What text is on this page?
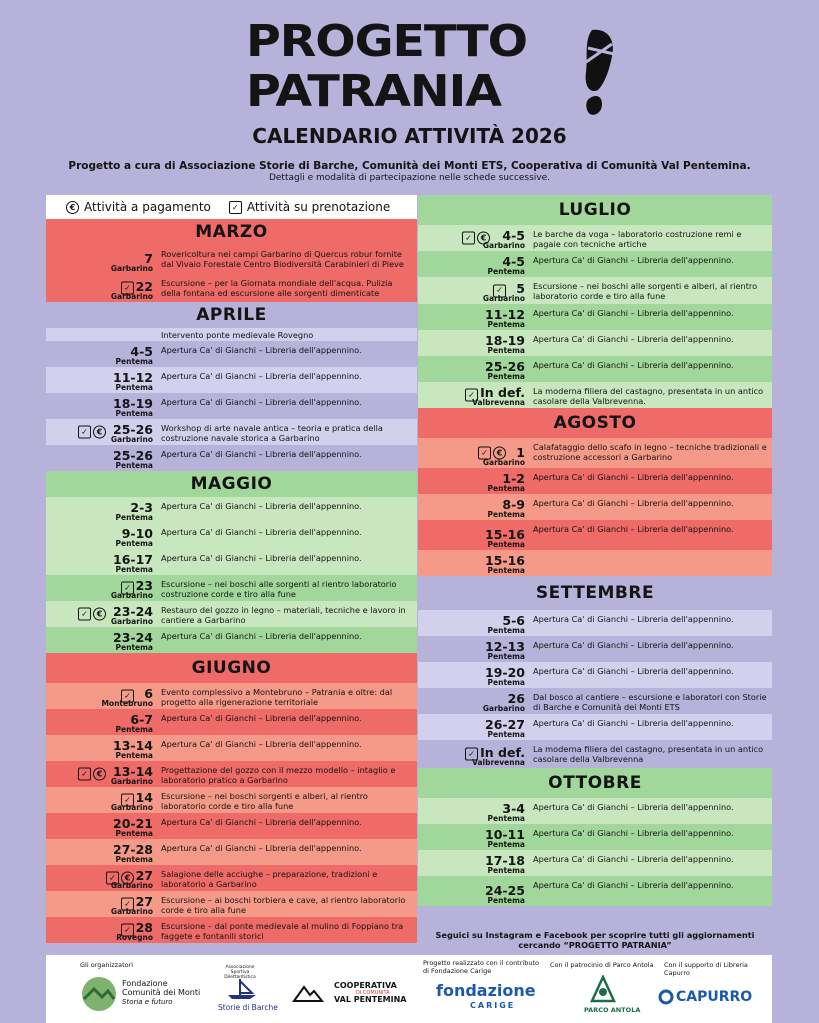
PROGETTO
PATRANIA
CALENDARIO ATTIVITÀ 2026
Progetto a cura di Associazione Storie di Barche, Comunità dei Monti ETS, Cooperativa di Comunità Val Pentemina.
Dettagli e modalità di partecipazione nelle schede successive.
€ Attività a pagamento	✓ Attività su prenotazione
MARZO
7
Garbarino
Rovericoltura nei campi Garbarino di Quercus robur fornite dal Vivaio Forestale Centro Biodiversità Carabinieri di Pieve
22
Garbarino
✓	Escursione – per la Giornata mondiale dell'acqua. Pulizia della fontana ed escursione alle sorgenti dimenticate
APRILE
Intervento ponte medievale Rovegno
4-5
Pentema
Apertura Ca' di Gianchi – Libreria dell'appennino.
11-12
Pentema
Apertura Ca' di Gianchi – Libreria dell'appennino.
18-19
Pentema
Apertura Ca' di Gianchi – Libreria dell'appennino.
25-26
Garbarino
✓	€	Workshop di arte navale antica – teoria e pratica della costruzione navale storica a Garbarino
25-26
Pentema
Apertura Ca' di Gianchi – Libreria dell'appennino.
MAGGIO
2-3
Pentema
Apertura Ca' di Gianchi – Libreria dell'appennino.
9-10
Pentema
Apertura Ca' di Gianchi – Libreria dell'appennino.
16-17
Pentema
Apertura Ca' di Gianchi – Libreria dell'appennino.
23
Garbarino
✓	Escursione – nei boschi alle sorgenti al rientro laboratorio costruzione corde e tiro alla fune
23-24
Garbarino
✓	€	Restauro del gozzo in legno – materiali, tecniche e lavoro in cantiere a Garbarino
23-24
Pentema
Apertura Ca' di Gianchi – Libreria dell'appennino.
GIUGNO
6
Montebruno
✓	Evento complessivo a Montebruno – Patrania e oltre: dal progetto alla rigenerazione territoriale
6-7
Pentema
Apertura Ca' di Gianchi – Libreria dell'appennino.
13-14
Pentema
Apertura Ca' di Gianchi – Libreria dell'appennino.
13-14
Garbarino
✓	€	Progettazione del gozzo con il mezzo modello – intaglio e laboratorio pratico a Garbarino
14
Garbarino
✓	Escursione – nei boschi sorgenti e alberi, al rientro laboratorio corde e tiro alla fune
20-21
Pentema
Apertura Ca' di Gianchi – Libreria dell'appennino.
27-28
Pentema
Apertura Ca' di Gianchi – Libreria dell'appennino.
27
Garbarino
✓	€	Salagione delle acciughe – preparazione, tradizioni e laboratorio a Garbarino
27
Garbarino
✓	Escursione – ai boschi torbiera e cave, al rientro laboratorio corde e tiro alla fune
28
Rovegno
✓	Escursione – dal ponte medievale al mulino di Foppiano tra faggete e fontanili storici
LUGLIO
4-5
Garbarino
✓	€	Le barche da voga – laboratorio costruzione remi e pagaie con tecniche artiche
4-5
Pentema
Apertura Ca' di Gianchi – Libreria dell'appennino.
5
Garbarino
✓	Escursione – nei boschi alle sorgenti e alberi, al rientro laboratorio corde e tiro alla fune
11-12
Pentema
Apertura Ca' di Gianchi – Libreria dell'appennino.
18-19
Pentema
Apertura Ca' di Gianchi – Libreria dell'appennino.
25-26
Pentema
Apertura Ca' di Gianchi – Libreria dell'appennino.
In def.
Valbrevenna
✓	La moderna filiera del castagno, presentata in un antico casolare della Valbrevenna.
AGOSTO
1
Garbarino
✓	€
Calafataggio dello scafo in legno – tecniche tradizionali e costruzione accessori a Garbarino
1-2
Pentema
Apertura Ca' di Gianchi – Libreria dell'appennino.
8-9
Pentema
Apertura Ca' di Gianchi – Libreria dell'appennino.
15-16
Pentema
Apertura Ca' di Gianchi – Libreria dell'appennino.
15-16
Pentema
SETTEMBRE
5-6
Pentema
Apertura Ca' di Gianchi – Libreria dell'appennino.
12-13
Pentema
Apertura Ca' di Gianchi – Libreria dell'appennino.
19-20
Pentema
Apertura Ca' di Gianchi – Libreria dell'appennino.
26
Garbarino
Dal bosco al cantiere – escursione e laboratori con Storie di Barche e Comunità dei Monti ETS
26-27
Pentema
Apertura Ca' di Gianchi – Libreria dell'appennino.
In def.
Valbrevenna
✓	La moderna filiera del castagno, presentata in un antico casolare della Valbrevenna
OTTOBRE
3-4
Pentema
Apertura Ca' di Gianchi – Libreria dell'appennino.
10-11
Pentema
Apertura Ca' di Gianchi – Libreria dell'appennino.
17-18
Pentema
Apertura Ca' di Gianchi – Libreria dell'appennino.
24-25
Pentema
Apertura Ca' di Gianchi – Libreria dell'appennino.
Seguici su Instagram e Facebook per scoprire tutti gli aggiornamenti
cercando “PROGETTO PATRANIA”
Gli organizzatori
Fondazione
Comunità dei Monti
Storia e futuro
Associazione Sportiva Dilettantistica
Storie di Barche
COOPERATIVA
DI COMUNITÀ
VAL PENTEMINA
Progetto realizzato con il contributo di Fondazione Carige
fondazione
CARIGE
Con il patrocinio di Parco Antola
PARCO ANTOLA
Con il supporto di Libreria Capurro
CAPURRO
